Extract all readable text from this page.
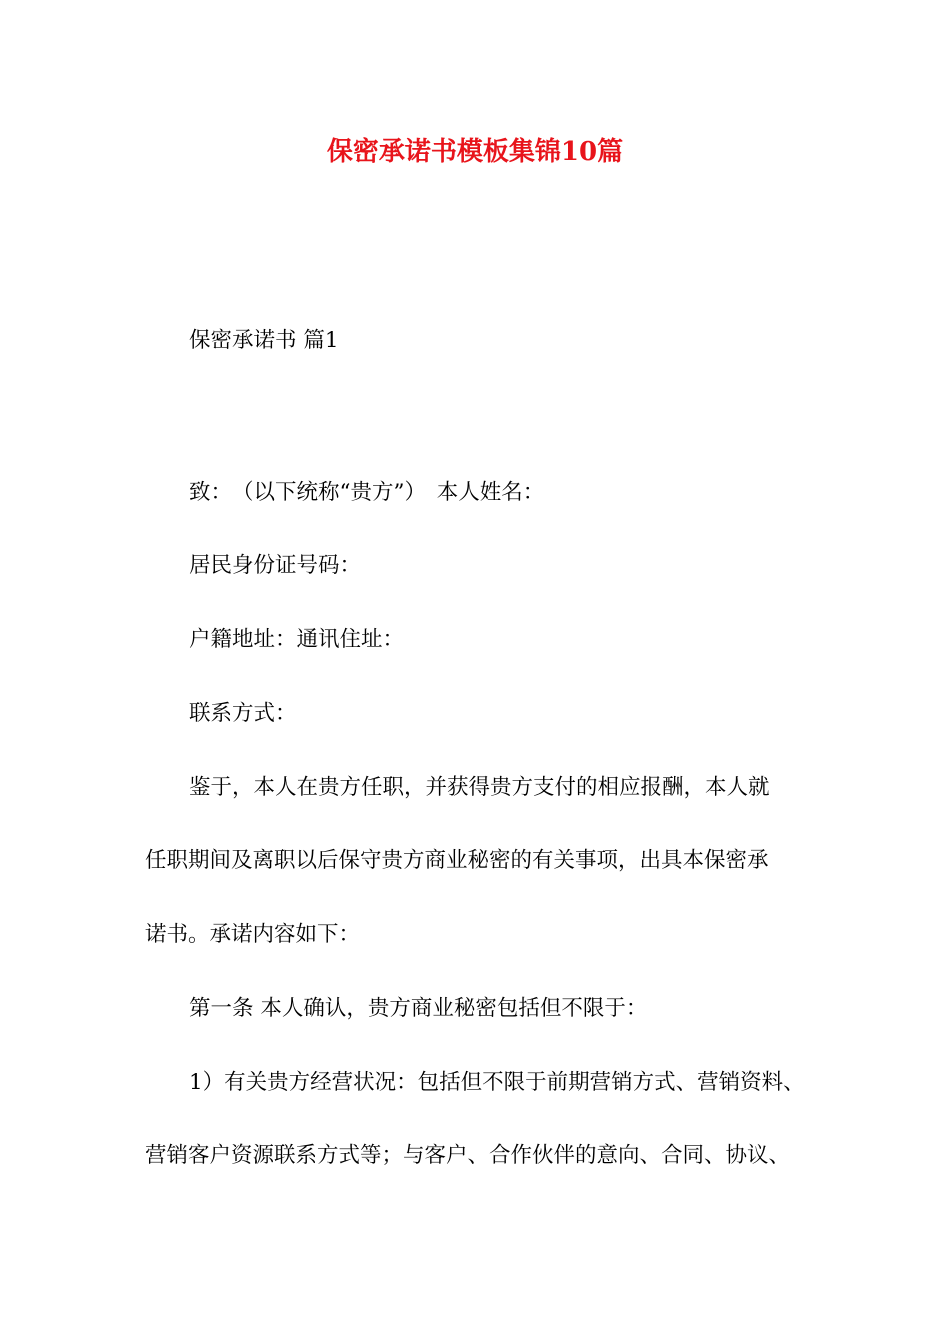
保密承诺书模板集锦10篇

保密承诺书 篇1

致：　（以下统称“贵方”）　本人姓名：

居民身份证号码：

户籍地址：通讯住址：

联系方式：

鉴于，本人在贵方任职，并获得贵方支付的相应报酬，本人就

任职期间及离职以后保守贵方商业秘密的有关事项，出具本保密承

诺书。承诺内容如下：

第一条 本人确认，贵方商业秘密包括但不限于：

1）有关贵方经营状况：包括但不限于前期营销方式、营销资料、

营销客户资源联系方式等；与客户、合作伙伴的意向、合同、协议、
